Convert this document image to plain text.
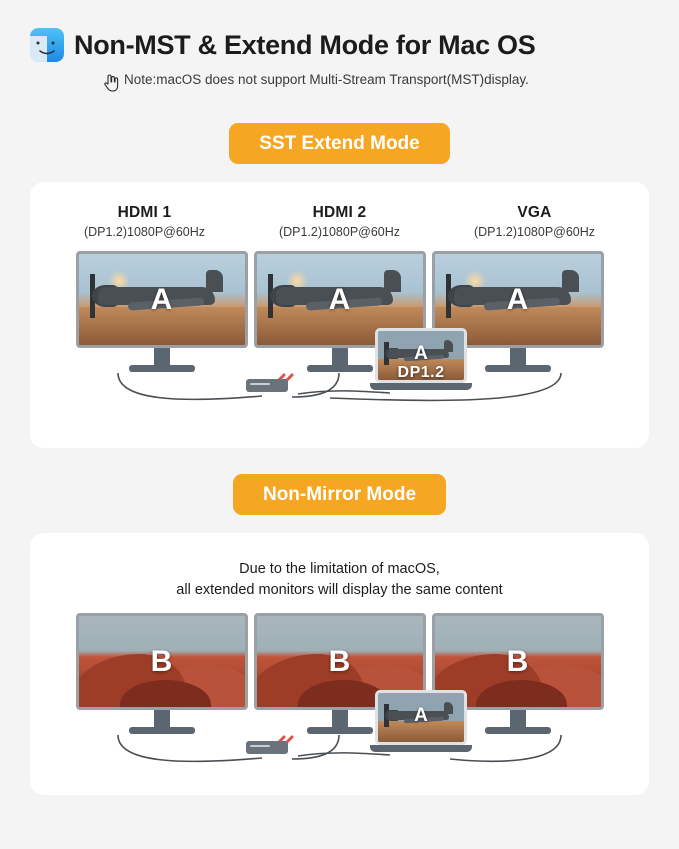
Non-MST & Extend Mode for Mac OS
Note:macOS does not support Multi-Stream Transport(MST)display.
SST Extend Mode
HDMI 1
(DP1.2)1080P@60Hz
HDMI 2
(DP1.2)1080P@60Hz
VGA
(DP1.2)1080P@60Hz
A	A	A
A
DP1.2
Non-Mirror Mode
Due to the limitation of macOS,
all extended monitors will display the same content
B	B	B
A
